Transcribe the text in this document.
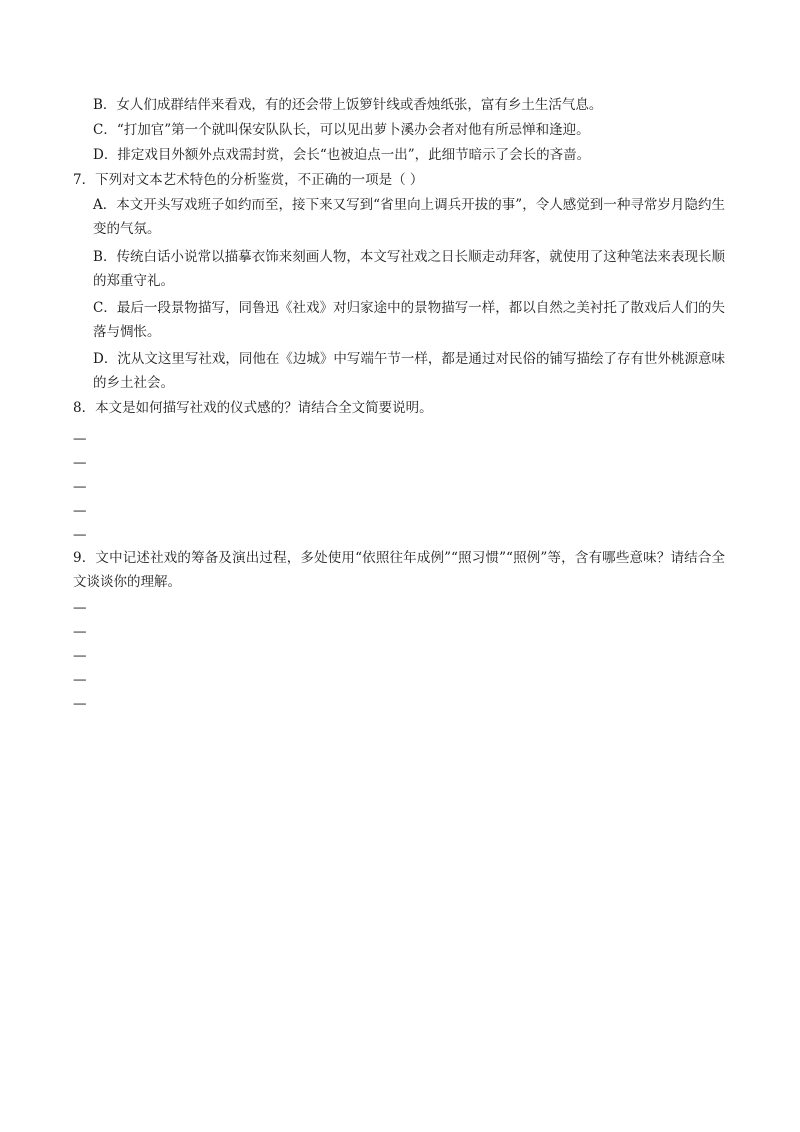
B．女人们成群结伴来看戏，有的还会带上饭箩针线或香烛纸张，富有乡土生活气息。
C．“打加官”第一个就叫保安队队长，可以见出萝卜溪办会者对他有所忌惮和逢迎。
D．排定戏目外额外点戏需封赏，会长“也被迫点一出”，此细节暗示了会长的吝啬。
7．下列对文本艺术特色的分析鉴赏，不正确的一项是（ ）
A．本文开头写戏班子如约而至，接下来又写到“省里向上调兵开拔的事”，令人感觉到一种寻常岁月隐约生变的气氛。
B．传统白话小说常以描摹衣饰来刻画人物，本文写社戏之日长顺走动拜客，就使用了这种笔法来表现长顺的郑重守礼。
C．最后一段景物描写，同鲁迅《社戏》对归家途中的景物描写一样，都以自然之美衬托了散戏后人们的失落与惆怅。
D．沈从文这里写社戏，同他在《边城》中写端午节一样，都是通过对民俗的铺写描绘了存有世外桃源意味的乡土社会。
8．本文是如何描写社戏的仪式感的？请结合全文简要说明。
—
—
—
—
—
9．文中记述社戏的筹备及演出过程，多处使用“依照往年成例”“照习惯”“照例”等，含有哪些意味？请结合全文谈谈你的理解。
—
—
—
—
—
